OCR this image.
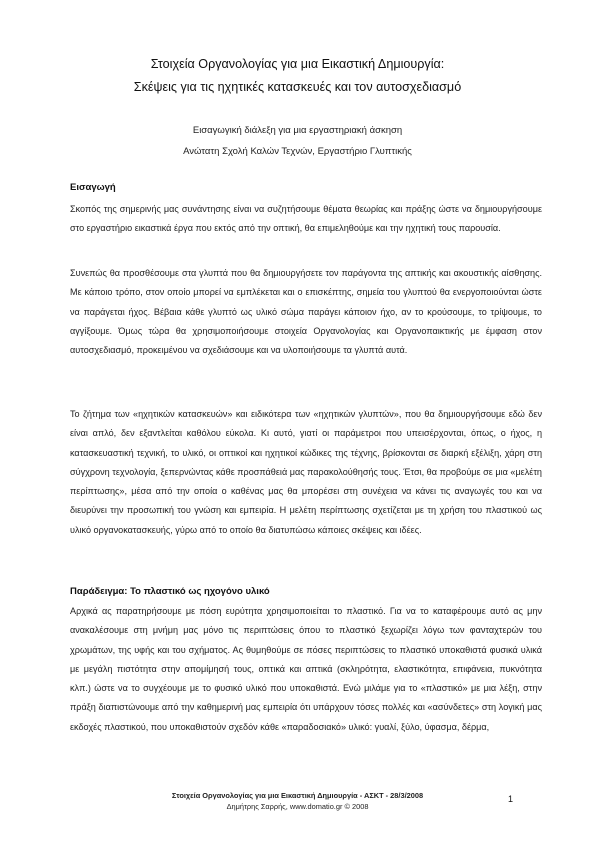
Στοιχεία Οργανολογίας για μια Εικαστική Δημιουργία:
Σκέψεις για τις ηχητικές κατασκευές και τον αυτοσχεδιασμό
Εισαγωγική διάλεξη για μια εργαστηριακή άσκηση
Ανώτατη Σχολή Καλών Τεχνών, Εργαστήριο Γλυπτικής
Εισαγωγή

Σκοπός της σημερινής μας συνάντησης είναι να συζητήσουμε θέματα θεωρίας και πράξης ώστε να δημιουργήσουμε στο εργαστήριο εικαστικά έργα που εκτός από την οπτική, θα επιμεληθούμε και την ηχητική τους παρουσία.

Συνεπώς θα προσθέσουμε στα γλυπτά που θα δημιουργήσετε τον παράγοντα της απτικής και ακουστικής αίσθησης. Με κάποιο τρόπο, στον οποίο μπορεί να εμπλέκεται και ο επισκέπτης, σημεία του γλυπτού θα ενεργοποιούνται ώστε να παράγεται ήχος. Βέβαια κάθε γλυπτό ως υλικό σώμα παράγει κάποιον ήχο, αν το κρούσουμε, το τρίψουμε, το αγγίξουμε. Όμως τώρα θα χρησιμοποιήσουμε στοιχεία Οργανολογίας και Οργανοπαικτικής με έμφαση στον αυτοσχεδιασμό, προκειμένου να σχεδιάσουμε και να υλοποιήσουμε τα γλυπτά αυτά.

Το ζήτημα των «ηχητικών κατασκευών» και ειδικότερα των «ηχητικών γλυπτών», που θα δημιουργήσουμε εδώ δεν είναι απλό, δεν εξαντλείται καθόλου εύκολα. Κι αυτό, γιατί οι παράμετροι που υπεισέρχονται, όπως, ο ήχος, η κατασκευαστική τεχνική, το υλικό, οι οπτικοί και ηχητικοί κώδικες της τέχνης, βρίσκονται σε διαρκή εξέλιξη, χάρη στη σύγχρονη τεχνολογία, ξεπερνώντας κάθε προσπάθειά μας παρακολούθησής τους. Έτσι, θα προβούμε σε μια «μελέτη περίπτωσης», μέσα από την οποία ο καθένας μας θα μπορέσει στη συνέχεια να κάνει τις αναγωγές του και να διευρύνει την προσωπική του γνώση και εμπειρία. Η μελέτη περίπτωσης σχετίζεται με τη χρήση του πλαστικού ως υλικό οργανοκατασκευής, γύρω από το οποίο θα διατυπώσω κάποιες σκέψεις και ιδέες.

Παράδειγμα: Το πλαστικό ως ηχογόνο υλικό

Αρχικά ας παρατηρήσουμε με πόση ευρύτητα χρησιμοποιείται το πλαστικό. Για να το καταφέρουμε αυτό ας μην ανακαλέσουμε στη μνήμη μας μόνο τις περιπτώσεις όπου το πλαστικό ξεχωρίζει λόγω των φανταχτερών του χρωμάτων, της υφής και του σχήματος. Ας θυμηθούμε σε πόσες περιπτώσεις το πλαστικό υποκαθιστά φυσικά υλικά με μεγάλη πιστότητα στην απομίμησή τους, οπτικά και απτικά (σκληρότητα, ελαστικότητα, επιφάνεια, πυκνότητα κλπ.) ώστε να το συγχέουμε με το φυσικό υλικό που υποκαθιστά. Ενώ μιλάμε για το «πλαστικό» με μια λέξη, στην πράξη διαπιστώνουμε από την καθημερινή μας εμπειρία ότι υπάρχουν τόσες πολλές και «ασύνδετες» στη λογική μας εκδοχές πλαστικού, που υποκαθιστούν σχεδόν κάθε «παραδοσιακό» υλικό: γυαλί, ξύλο, ύφασμα, δέρμα,

Στοιχεία Οργανολογίας για μια Εικαστική Δημιουργία - ΑΣΚΤ - 28/3/2008
Δημήτρης Σαρρής, www.domatio.gr © 2008
1
